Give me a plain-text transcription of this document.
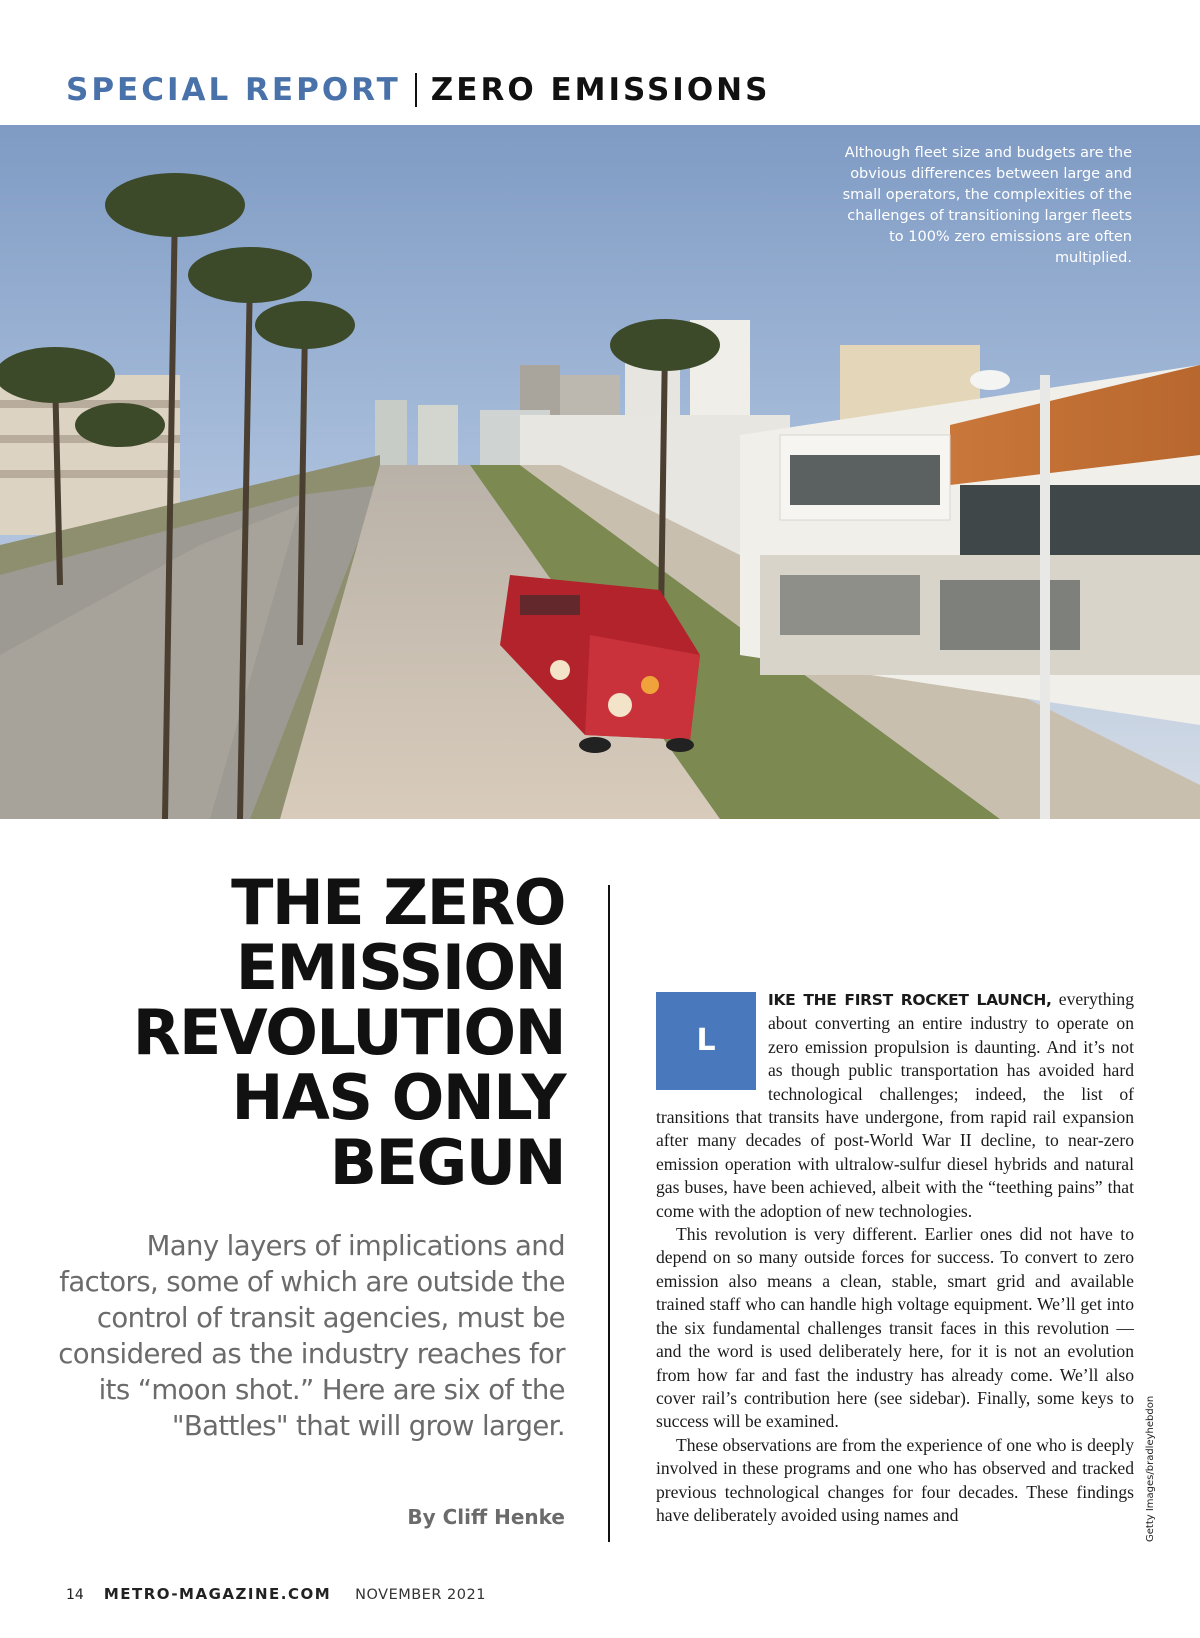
SPECIAL REPORT ZERO EMISSIONS
Although fleet size and budgets are the obvious differences between large and small operators, the complexities of the challenges of transitioning larger fleets to 100% zero emissions are often multiplied.
THE ZERO
EMISSION
REVOLUTION
HAS ONLY
BEGUN
Many layers of implications and factors, some of which are outside the control of transit agencies, must be considered as the industry reaches for its “moon shot.” Here are six of the "Battles" that will grow larger.
By Cliff Henke

L
IKE THE FIRST ROCKET LAUNCH, everything about converting an entire industry to operate on zero emission propulsion is daunting. And it’s not as though public transportation has avoided hard technological challenges; indeed, the list of transitions that transits have undergone, from rapid rail expansion after many decades of post-World War II decline, to near-zero emission operation with ultralow-sulfur diesel hybrids and natural gas buses, have been achieved, albeit with the “teething pains” that come with the adoption of new technologies.

This revolution is very different. Earlier ones did not have to depend on so many outside forces for success. To convert to zero emission also means a clean, stable, smart grid and available trained staff who can handle high voltage equipment. We’ll get into the six fundamental challenges transit faces in this revolution — and the word is used deliberately here, for it is not an evolution from how far and fast the industry has already come. We’ll also cover rail’s contribution here (see sidebar). Finally, some keys to success will be examined.

These observations are from the experience of one who is deeply involved in these programs and one who has observed and tracked previous technological changes for four decades. These findings have deliberately avoided using names and	Getty Images/bradleyhebdon
14 METRO-MAGAZINE.COM NOVEMBER 2021
